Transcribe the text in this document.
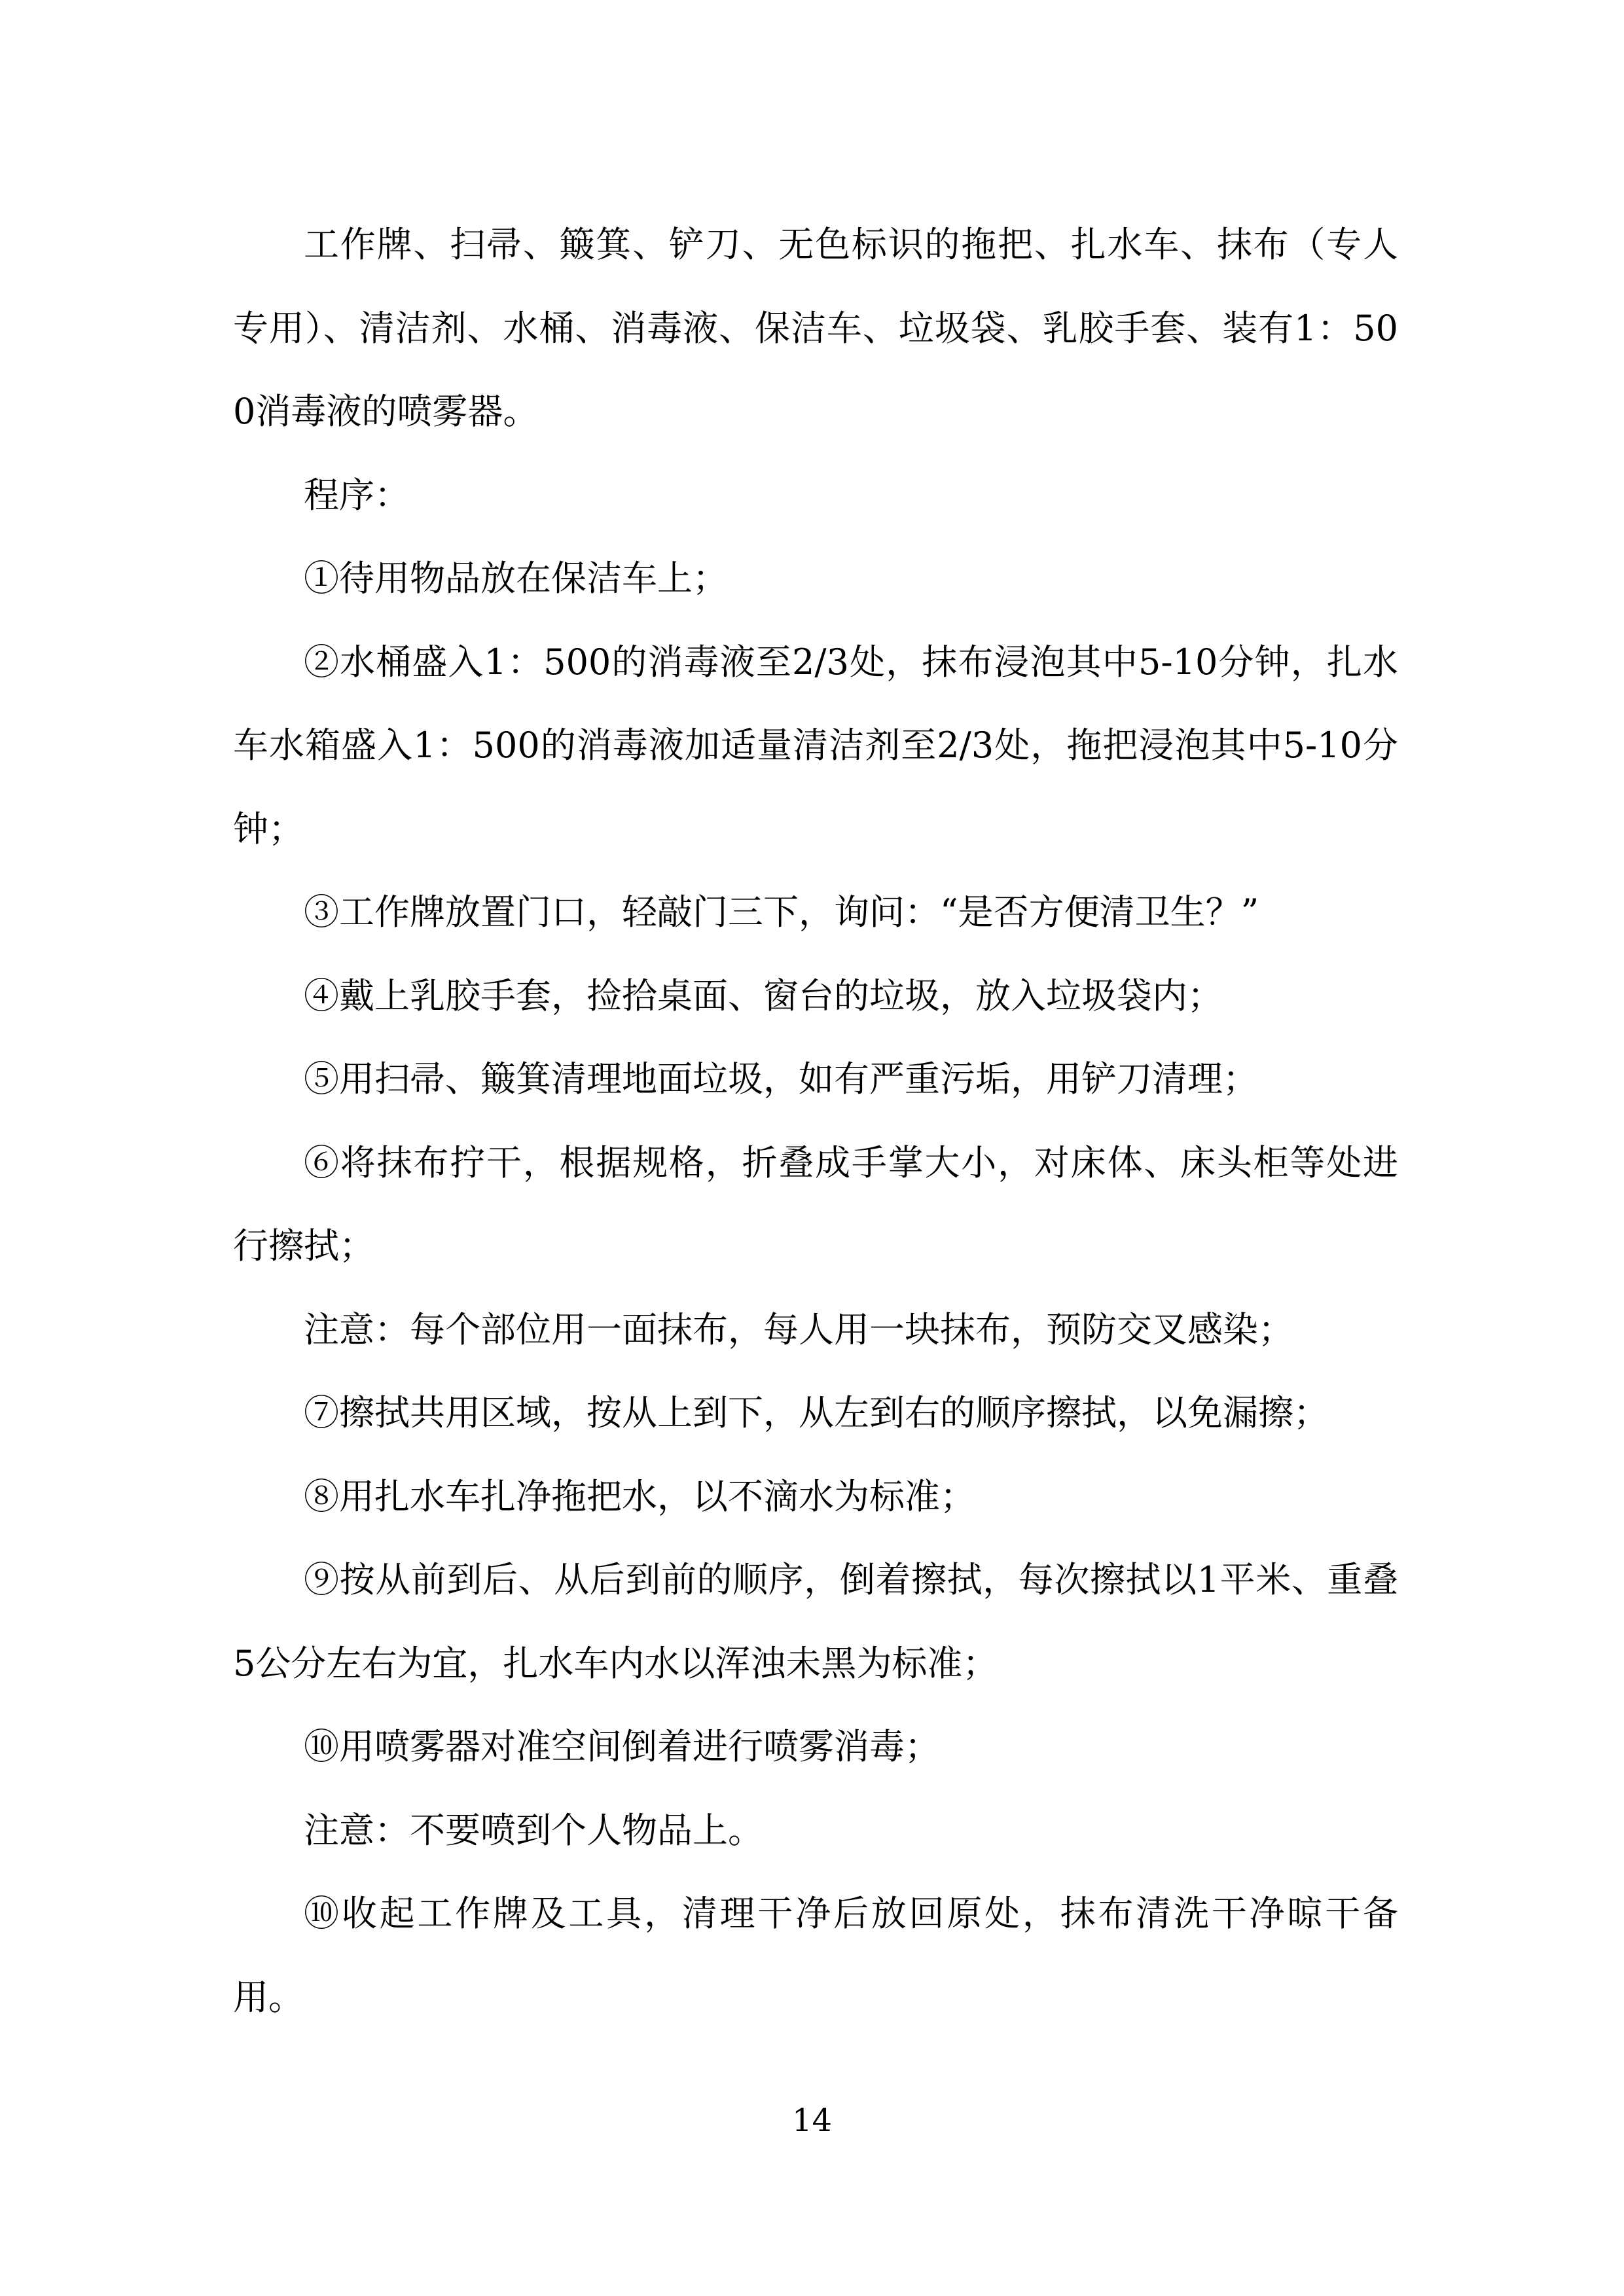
工作牌、扫帚、簸箕、铲刀、无色标识的拖把、扎水车、抹布（专人专用）、清洁剂、水桶、消毒液、保洁车、垃圾袋、乳胶手套、装有1：500消毒液的喷雾器。

程序：

①待用物品放在保洁车上；

②水桶盛入1：500的消毒液至2/3处，抹布浸泡其中5-10分钟，扎水车水箱盛入1：500的消毒液加适量清洁剂至2/3处，拖把浸泡其中5-10分钟；

③工作牌放置门口，轻敲门三下，询问：“是否方便清卫生？”

④戴上乳胶手套，捡拾桌面、窗台的垃圾，放入垃圾袋内；

⑤用扫帚、簸箕清理地面垃圾，如有严重污垢，用铲刀清理；

⑥将抹布拧干，根据规格，折叠成手掌大小，对床体、床头柜等处进行擦拭；

注意：每个部位用一面抹布，每人用一块抹布，预防交叉感染；

⑦擦拭共用区域，按从上到下，从左到右的顺序擦拭，以免漏擦；

⑧用扎水车扎净拖把水，以不滴水为标准；

⑨按从前到后、从后到前的顺序，倒着擦拭，每次擦拭以1平米、重叠5公分左右为宜，扎水车内水以浑浊未黑为标准；

⑩用喷雾器对准空间倒着进行喷雾消毒；

注意：不要喷到个人物品上。

⑩收起工作牌及工具，清理干净后放回原处，抹布清洗干净晾干备用。

14
